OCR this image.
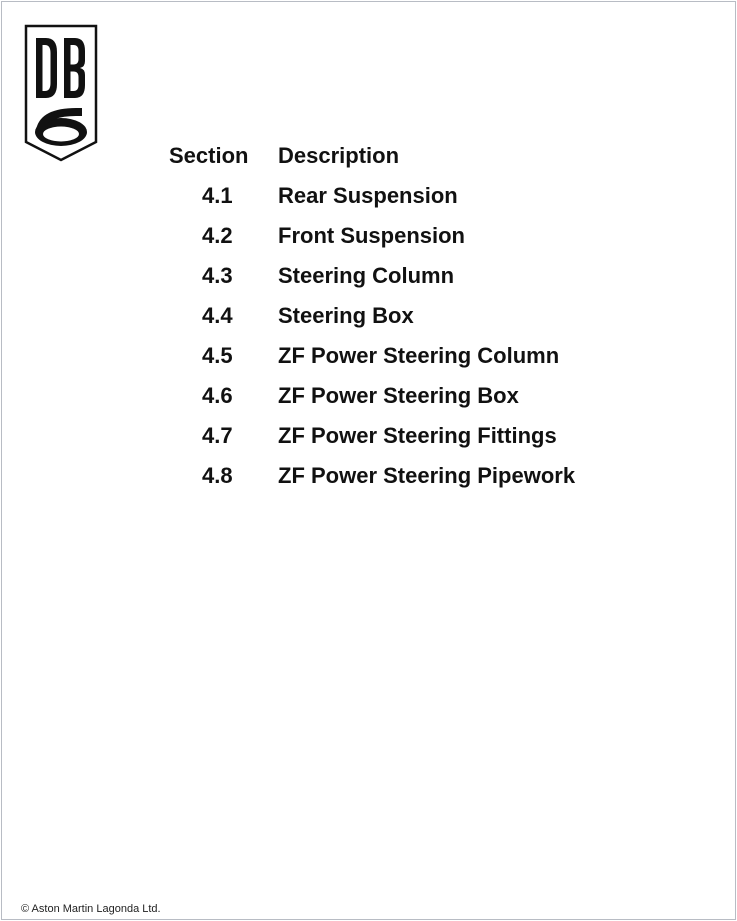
Section Description
4.1 Rear Suspension
4.2 Front Suspension
4.3 Steering Column
4.4 Steering Box
4.5 ZF Power Steering Column
4.6 ZF Power Steering Box
4.7 ZF Power Steering Fittings
4.8 ZF Power Steering Pipework
© Aston Martin Lagonda Ltd.
